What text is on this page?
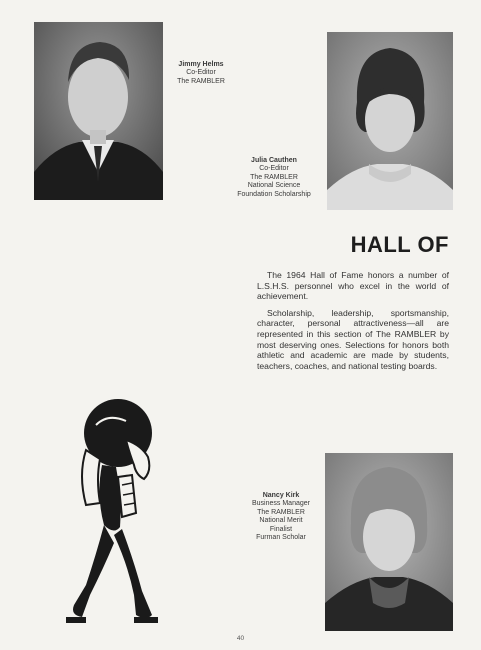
Jimmy Helms
Co-Editor
The RAMBLER
Julia Cauthen
Co-Editor
The RAMBLER
National Science
Foundation Scholarship
HALL OF

The 1964 Hall of Fame honors a number of L.S.H.S. personnel who excel in the world of achievement.

Scholarship, leadership, sportsmanship, character, personal attractiveness—all are represented in this section of The RAMBLER by most deserving ones. Selections for honors both athletic and academic are made by students, teachers, coaches, and national testing boards.

Nancy Kirk
Business Manager
The RAMBLER
National Merit
Finalist
Furman Scholar
40
